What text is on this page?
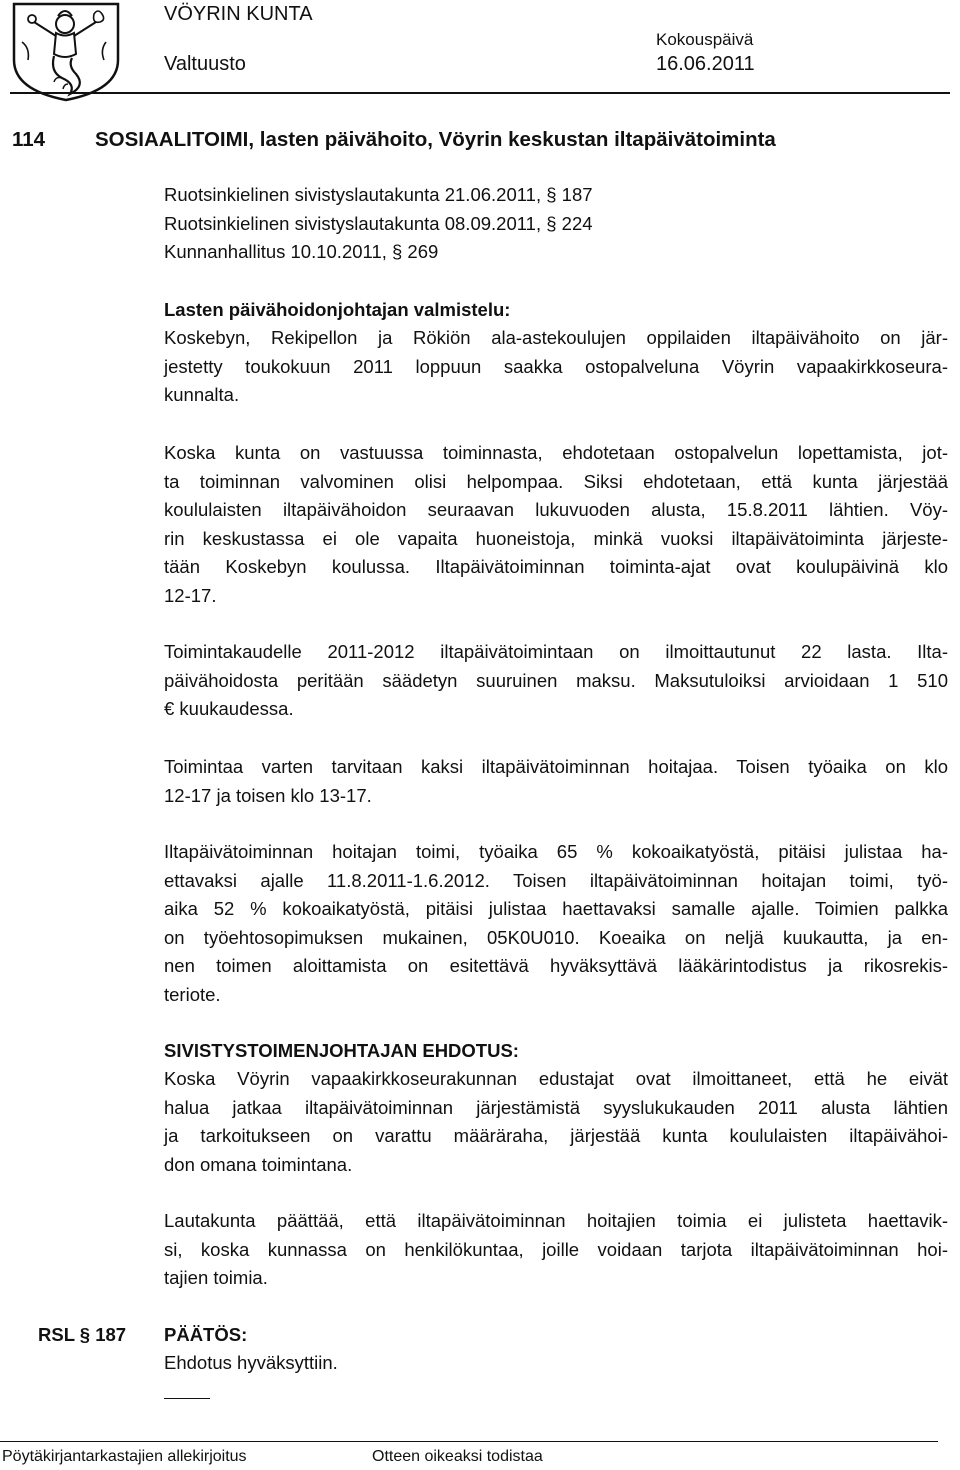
VÖYRIN KUNTA
Valtuusto
Kokouspäivä
16.06.2011
114 SOSIAALITOIMI, lasten päivähoito, Vöyrin keskustan iltapäivätoiminta
Ruotsinkielinen sivistyslautakunta 21.06.2011, § 187
Ruotsinkielinen sivistyslautakunta 08.09.2011, § 224
Kunnanhallitus 10.10.2011, § 269
Lasten päivähoidonjohtajan valmistelu:
Koskebyn, Rekipellon ja Rökiön ala-astekoulujen oppilaiden iltapäivähoito on jär-
jestetty toukokuun 2011 loppuun saakka ostopalveluna Vöyrin vapaakirkkoseura-
kunnalta.
Koska kunta on vastuussa toiminnasta, ehdotetaan ostopalvelun lopettamista, jot-
ta toiminnan valvominen olisi helpompaa. Siksi ehdotetaan, että kunta järjestää
koululaisten iltapäivähoidon seuraavan lukuvuoden alusta, 15.8.2011 lähtien. Vöy-
rin keskustassa ei ole vapaita huoneistoja, minkä vuoksi iltapäivätoiminta järjeste-
tään Koskebyn koulussa. Iltapäivätoiminnan toiminta-ajat ovat koulupäivinä klo
12-17.
Toimintakaudelle 2011-2012 iltapäivätoimintaan on ilmoittautunut 22 lasta. Ilta-
päivähoidosta peritään säädetyn suuruinen maksu. Maksutuloiksi arvioidaan 1 510
€ kuukaudessa.
Toimintaa varten tarvitaan kaksi iltapäivätoiminnan hoitajaa. Toisen työaika on klo
12-17 ja toisen klo 13-17.
Iltapäivätoiminnan hoitajan toimi, työaika 65 % kokoaikatyöstä, pitäisi julistaa ha-
ettavaksi ajalle 11.8.2011-1.6.2012. Toisen iltapäivätoiminnan hoitajan toimi, työ-
aika 52 % kokoaikatyöstä, pitäisi julistaa haettavaksi samalle ajalle. Toimien palkka
on työehtosopimuksen mukainen, 05K0U010. Koeaika on neljä kuukautta, ja en-
nen toimen aloittamista on esitettävä hyväksyttävä lääkärintodistus ja rikosrekis-
teriote.
SIVISTYSTOIMENJOHTAJAN EHDOTUS:
Koska Vöyrin vapaakirkkoseurakunnan edustajat ovat ilmoittaneet, että he eivät
halua jatkaa iltapäivätoiminnan järjestämistä syyslukukauden 2011 alusta lähtien
ja tarkoitukseen on varattu määräraha, järjestää kunta koululaisten iltapäivähoi-
don omana toimintana.
Lautakunta päättää, että iltapäivätoiminnan hoitajien toimia ei julisteta haettavik-
si, koska kunnassa on henkilökuntaa, joille voidaan tarjota iltapäivätoiminnan hoi-
tajien toimia.
RSL § 187 PÄÄTÖS:
Ehdotus hyväksyttiin.
Pöytäkirjantarkastajien allekirjoitus	Otteen oikeaksi todistaa
